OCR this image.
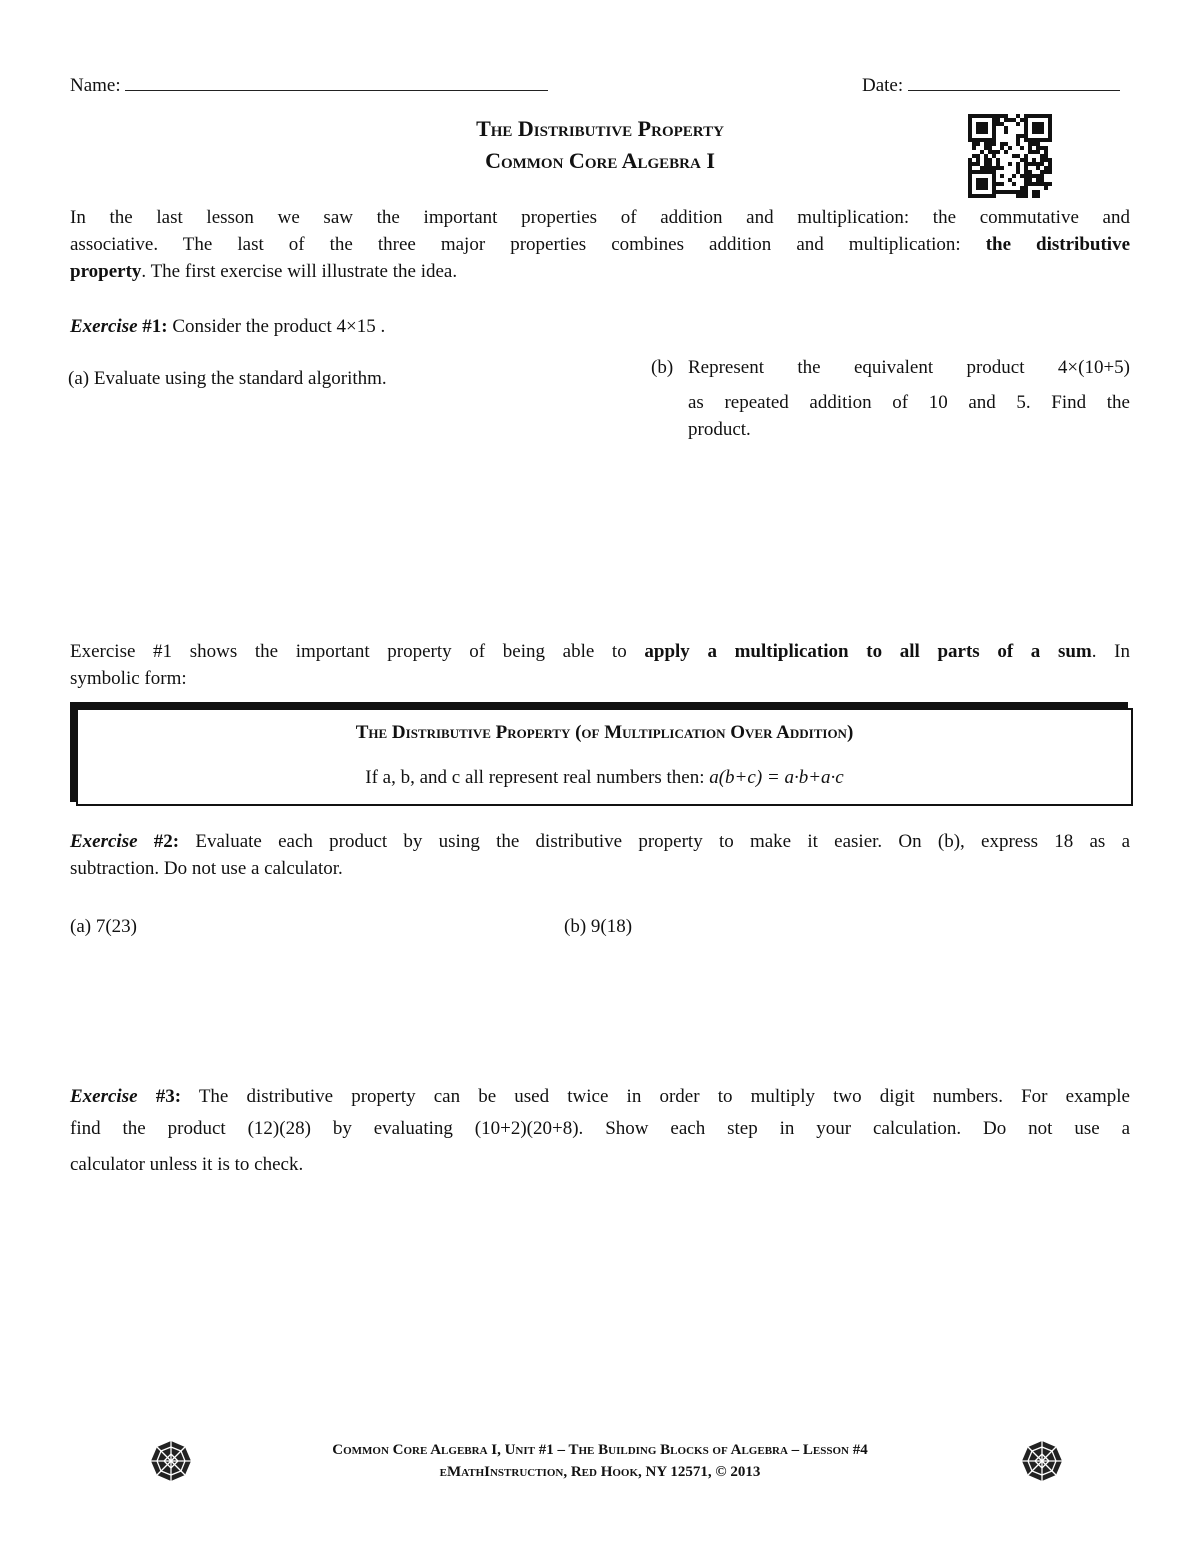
Name:	Date:
The Distributive Property
Common Core Algebra I
In the last lesson we saw the important properties of addition and multiplication: the commutative and
associative. The last of the three major properties combines addition and multiplication: the distributive
property. The first exercise will illustrate the idea.
Exercise #1: Consider the product 4×15 .
(a) Evaluate using the standard algorithm.
(b) Represent the equivalent product 4×(10+5)
as repeated addition of 10 and 5. Find the
product.
Exercise #1 shows the important property of being able to apply a multiplication to all parts of a sum. In
symbolic form:
The Distributive Property (of Multiplication Over Addition)
If a, b, and c all represent real numbers then: a(b+c) = a·b+a·c
Exercise #2: Evaluate each product by using the distributive property to make it easier. On (b), express 18 as a
subtraction. Do not use a calculator.
(a) 7(23)	(b) 9(18)
Exercise #3: The distributive property can be used twice in order to multiply two digit numbers. For example
find the product (12)(28) by evaluating (10+2)(20+8). Show each step in your calculation. Do not use a
calculator unless it is to check.
Common Core Algebra I, Unit #1 – The Building Blocks of Algebra – Lesson #4
eMathInstruction, Red Hook, NY 12571, © 2013
